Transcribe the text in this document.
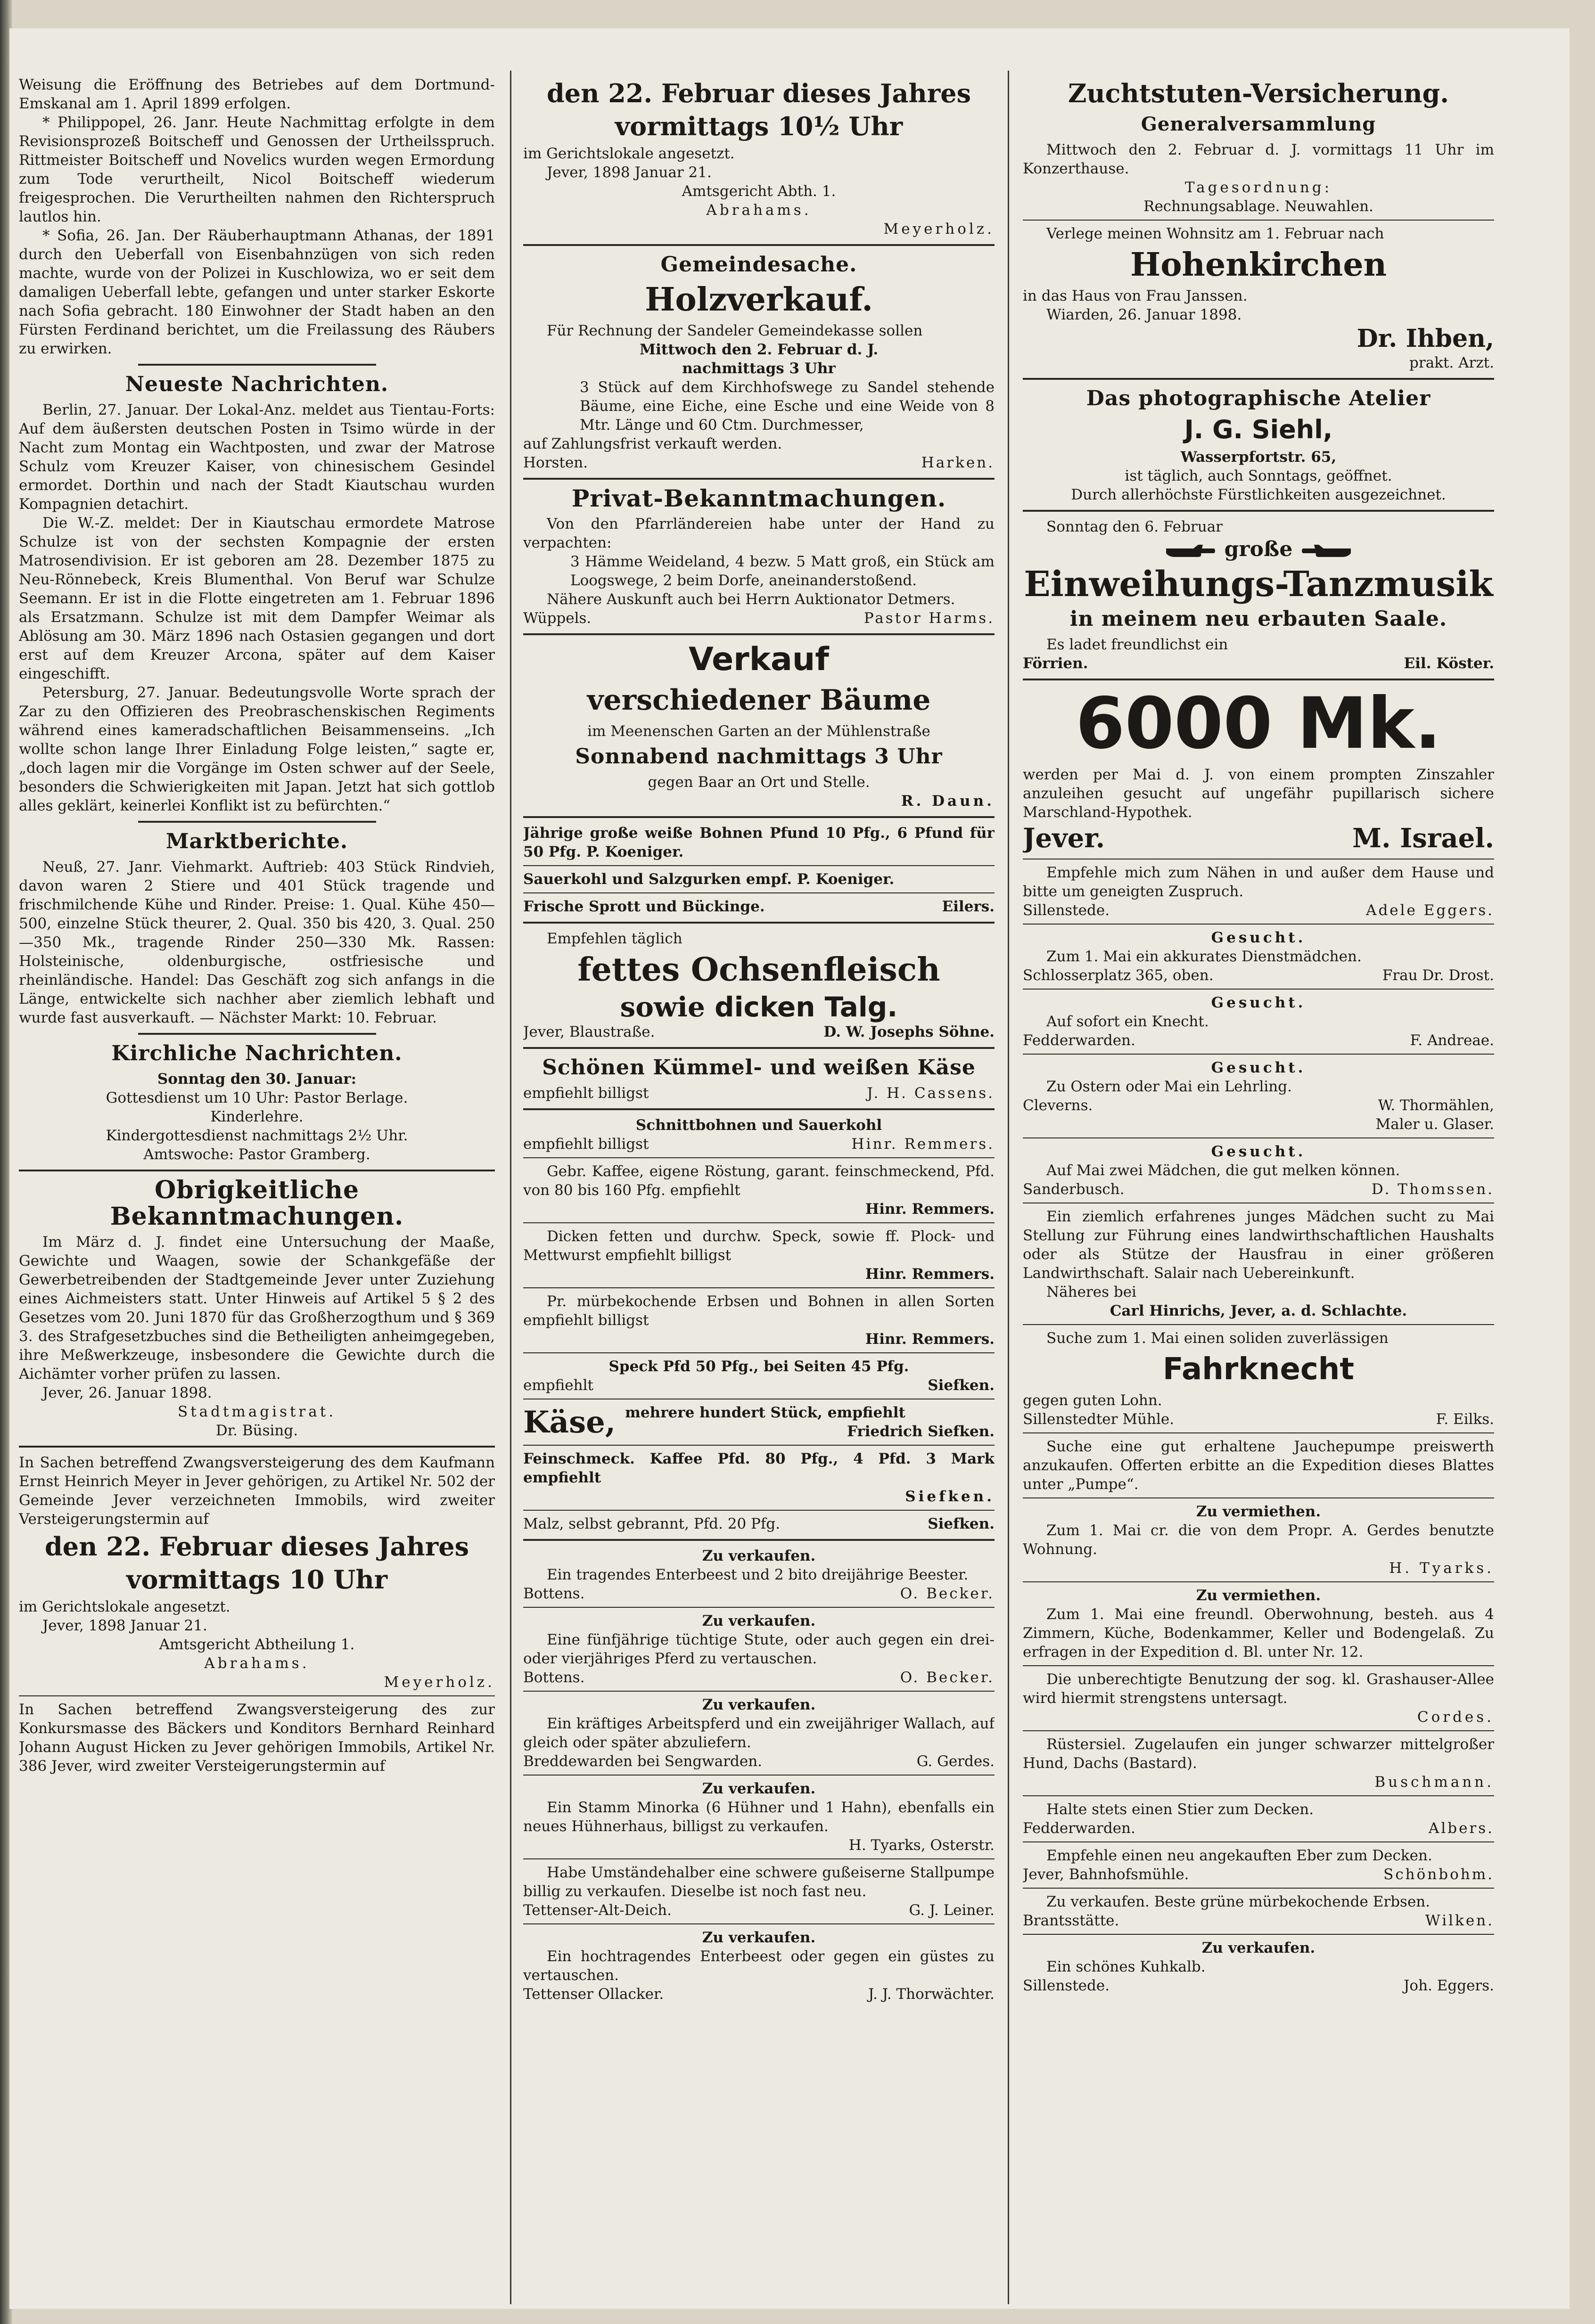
Weisung die Eröffnung des Betriebes auf dem Dortmund-Emskanal am 1. April 1899 erfolgen.

* Philippopel, 26. Janr. Heute Nachmittag erfolgte in dem Revisionsprozeß Boitscheff und Genossen der Urtheilsspruch. Rittmeister Boitscheff und Novelics wurden wegen Ermordung zum Tode verurtheilt, Nicol Boitscheff wiederum freigesprochen. Die Verurtheilten nahmen den Richterspruch lautlos hin.

* Sofia, 26. Jan. Der Räuberhauptmann Athanas, der 1891 durch den Ueberfall von Eisenbahnzügen von sich reden machte, wurde von der Polizei in Kuschlowiza, wo er seit dem damaligen Ueberfall lebte, gefangen und unter starker Eskorte nach Sofia gebracht. 180 Einwohner der Stadt haben an den Fürsten Ferdinand berichtet, um die Freilassung des Räubers zu erwirken.

Neueste Nachrichten.

Berlin, 27. Januar. Der Lokal-Anz. meldet aus Tientau-Forts: Auf dem äußersten deutschen Posten in Tsimo würde in der Nacht zum Montag ein Wachtposten, und zwar der Matrose Schulz vom Kreuzer Kaiser, von chinesischem Gesindel ermordet. Dorthin und nach der Stadt Kiautschau wurden Kompagnien detachirt.

Die W.-Z. meldet: Der in Kiautschau ermordete Matrose Schulze ist von der sechsten Kompagnie der ersten Matrosendivision. Er ist geboren am 28. Dezember 1875 zu Neu-Rönnebeck, Kreis Blumenthal. Von Beruf war Schulze Seemann. Er ist in die Flotte eingetreten am 1. Februar 1896 als Ersatzmann. Schulze ist mit dem Dampfer Weimar als Ablösung am 30. März 1896 nach Ostasien gegangen und dort erst auf dem Kreuzer Arcona, später auf dem Kaiser eingeschifft.

Petersburg, 27. Januar. Bedeutungsvolle Worte sprach der Zar zu den Offizieren des Preobraschenskischen Regiments während eines kameradschaftlichen Beisammenseins. „Ich wollte schon lange Ihrer Einladung Folge leisten,“ sagte er, „doch lagen mir die Vorgänge im Osten schwer auf der Seele, besonders die Schwierigkeiten mit Japan. Jetzt hat sich gottlob alles geklärt, keinerlei Konflikt ist zu befürchten.“

Marktberichte.

Neuß, 27. Janr. Viehmarkt. Auftrieb: 403 Stück Rindvieh, davon waren 2 Stiere und 401 Stück tragende und frischmilchende Kühe und Rinder. Preise: 1. Qual. Kühe 450—500, einzelne Stück theurer, 2. Qual. 350 bis 420, 3. Qual. 250—350 Mk., tragende Rinder 250—330 Mk. Rassen: Holsteinische, oldenburgische, ostfriesische und rheinländische. Handel: Das Geschäft zog sich anfangs in die Länge, entwickelte sich nachher aber ziemlich lebhaft und wurde fast ausverkauft. — Nächster Markt: 10. Februar.

Kirchliche Nachrichten.

Sonntag den 30. Januar:

Gottesdienst um 10 Uhr: Pastor Berlage.

Kinderlehre.

Kindergottesdienst nachmittags 2½ Uhr.

Amtswoche: Pastor Gramberg.

Obrigkeitliche Bekanntmachungen.

Im März d. J. findet eine Untersuchung der Maaße, Gewichte und Waagen, sowie der Schankgefäße der Gewerbetreibenden der Stadtgemeinde Jever unter Zuziehung eines Aichmeisters statt. Unter Hinweis auf Artikel 5 § 2 des Gesetzes vom 20. Juni 1870 für das Großherzogthum und § 369 3. des Strafgesetzbuches sind die Betheiligten anheimgegeben, ihre Meßwerkzeuge, insbesondere die Gewichte durch die Aichämter vorher prüfen zu lassen.

Jever, 26. Januar 1898.

Stadtmagistrat.

Dr. Büsing.

In Sachen betreffend Zwangsversteigerung des dem Kaufmann Ernst Heinrich Meyer in Jever gehörigen, zu Artikel Nr. 502 der Gemeinde Jever verzeichneten Immobils, wird zweiter Versteigerungstermin auf

den 22. Februar dieses Jahres
vormittags 10 Uhr

im Gerichtslokale angesetzt.

Jever, 1898 Januar 21.

Amtsgericht Abtheilung 1.

Abrahams.

Meyerholz.

In Sachen betreffend Zwangsversteigerung des zur Konkursmasse des Bäckers und Konditors Bernhard Reinhard Johann August Hicken zu Jever gehörigen Immobils, Artikel Nr. 386 Jever, wird zweiter Versteigerungstermin auf

den 22. Februar dieses Jahres
vormittags 10½ Uhr

im Gerichtslokale angesetzt.

Jever, 1898 Januar 21.

Amtsgericht Abth. 1.

Abrahams.

Meyerholz.

Gemeindesache.
Holzverkauf.

Für Rechnung der Sandeler Gemeindekasse sollen

Mittwoch den 2. Februar d. J.

nachmittags 3 Uhr

3 Stück auf dem Kirchhofswege zu Sandel stehende Bäume, eine Eiche, eine Esche und eine Weide von 8 Mtr. Länge und 60 Ctm. Durchmesser,

auf Zahlungsfrist verkauft werden.

Horsten.	Harken.
Privat-Bekanntmachungen.

Von den Pfarrländereien habe unter der Hand zu verpachten:

3 Hämme Weideland, 4 bezw. 5 Matt groß, ein Stück am Loogswege, 2 beim Dorfe, aneinanderstoßend.

Nähere Auskunft auch bei Herrn Auktionator Detmers.

Wüppels.	Pastor Harms.
Verkauf
verschiedener Bäume

im Meenenschen Garten an der Mühlenstraße

Sonnabend nachmittags 3 Uhr

gegen Baar an Ort und Stelle.

R. Daun.

Jährige große weiße Bohnen Pfund 10 Pfg., 6 Pfund für 50 Pfg. P. Koeniger.

Sauerkohl und Salzgurken empf. P. Koeniger.

Frische Sprott und Bückinge.	Eilers.

Empfehlen täglich

fettes Ochsenfleisch
sowie dicken Talg.
Jever, Blaustraße.	D. W. Josephs Söhne.
Schönen Kümmel- und weißen Käse
empfiehlt billigst	J. H. Cassens.

Schnittbohnen und Sauerkohl

empfiehlt billigst	Hinr. Remmers.

Gebr. Kaffee, eigene Röstung, garant. feinschmeckend, Pfd. von 80 bis 160 Pfg. empfiehlt

Hinr. Remmers.

Dicken fetten und durchw. Speck, sowie ff. Plock- und Mettwurst empfiehlt billigst

Hinr. Remmers.

Pr. mürbekochende Erbsen und Bohnen in allen Sorten empfiehlt billigst

Hinr. Remmers.

Speck Pfd 50 Pfg., bei Seiten 45 Pfg.

empfiehlt	Siefken.
Käse, mehrere hundert Stück, empfiehlt

Friedrich Siefken.

Feinschmeck. Kaffee Pfd. 80 Pfg., 4 Pfd. 3 Mark empfiehlt

Siefken.

Malz, selbst gebrannt, Pfd. 20 Pfg.	Siefken.

Zu verkaufen.

Ein tragendes Enterbeest und 2 bito dreijährige Beester.

Bottens.	O. Becker.

Zu verkaufen.

Eine fünfjährige tüchtige Stute, oder auch gegen ein drei- oder vierjähriges Pferd zu vertauschen.

Bottens.	O. Becker.

Zu verkaufen.

Ein kräftiges Arbeitspferd und ein zweijähriger Wallach, auf gleich oder später abzuliefern.

Breddewarden bei Sengwarden.	G. Gerdes.

Zu verkaufen.

Ein Stamm Minorka (6 Hühner und 1 Hahn), ebenfalls ein neues Hühnerhaus, billigst zu verkaufen.

H. Tyarks, Osterstr.

Habe Umständehalber eine schwere gußeiserne Stallpumpe billig zu verkaufen. Dieselbe ist noch fast neu.

Tettenser-Alt-Deich.	G. J. Leiner.

Zu verkaufen.

Ein hochtragendes Enterbeest oder gegen ein güstes zu vertauschen.

Tettenser Ollacker.	J. J. Thorwächter.
Zuchtstuten-Versicherung.
Generalversammlung

Mittwoch den 2. Februar d. J. vormittags 11 Uhr im Konzerthause.

Tagesordnung:

Rechnungsablage. Neuwahlen.

Verlege meinen Wohnsitz am 1. Februar nach

Hohenkirchen

in das Haus von Frau Janssen.

Wiarden, 26. Januar 1898.

Dr. Ihben,

prakt. Arzt.

Das photographische Atelier
J. G. Siehl,

Wasserpfortstr. 65,

ist täglich, auch Sonntags, geöffnet.

Durch allerhöchste Fürstlichkeiten ausgezeichnet.

Sonntag den 6. Februar

große
Einweihungs-Tanzmusik
in meinem neu erbauten Saale.

Es ladet freundlichst ein

Förrien.	Eil. Köster.
6000 Mk.

werden per Mai d. J. von einem prompten Zinszahler anzuleihen gesucht auf ungefähr pupillarisch sichere Marschland-Hypothek.

Jever.	M. Israel.

Empfehle mich zum Nähen in und außer dem Hause und bitte um geneigten Zuspruch.

Sillenstede.	Adele Eggers.

Gesucht.

Zum 1. Mai ein akkurates Dienstmädchen.

Schlosserplatz 365, oben.	Frau Dr. Drost.

Gesucht.

Auf sofort ein Knecht.

Fedderwarden.	F. Andreae.

Gesucht.

Zu Ostern oder Mai ein Lehrling.

Cleverns.	W. Thormählen,

Maler u. Glaser.

Gesucht.

Auf Mai zwei Mädchen, die gut melken können.

Sanderbusch.	D. Thomssen.

Ein ziemlich erfahrenes junges Mädchen sucht zu Mai Stellung zur Führung eines landwirthschaftlichen Haushalts oder als Stütze der Hausfrau in einer größeren Landwirthschaft. Salair nach Uebereinkunft.

Näheres bei

Carl Hinrichs, Jever, a. d. Schlachte.

Suche zum 1. Mai einen soliden zuverlässigen

Fahrknecht

gegen guten Lohn.

Sillenstedter Mühle.	F. Eilks.

Suche eine gut erhaltene Jauchepumpe preiswerth anzukaufen. Offerten erbitte an die Expedition dieses Blattes unter „Pumpe“.

Zu vermiethen.

Zum 1. Mai cr. die von dem Propr. A. Gerdes benutzte Wohnung.

H. Tyarks.

Zu vermiethen.

Zum 1. Mai eine freundl. Oberwohnung, besteh. aus 4 Zimmern, Küche, Bodenkammer, Keller und Bodengelaß. Zu erfragen in der Expedition d. Bl. unter Nr. 12.

Die unberechtigte Benutzung der sog. kl. Grashauser-Allee wird hiermit strengstens untersagt.

Cordes.

Rüstersiel. Zugelaufen ein junger schwarzer mittelgroßer Hund, Dachs (Bastard).

Buschmann.

Halte stets einen Stier zum Decken.

Fedderwarden.	Albers.

Empfehle einen neu angekauften Eber zum Decken.

Jever, Bahnhofsmühle.	Schönbohm.

Zu verkaufen. Beste grüne mürbekochende Erbsen.

Brantsstätte.	Wilken.

Zu verkaufen.

Ein schönes Kuhkalb.

Sillenstede.	Joh. Eggers.
